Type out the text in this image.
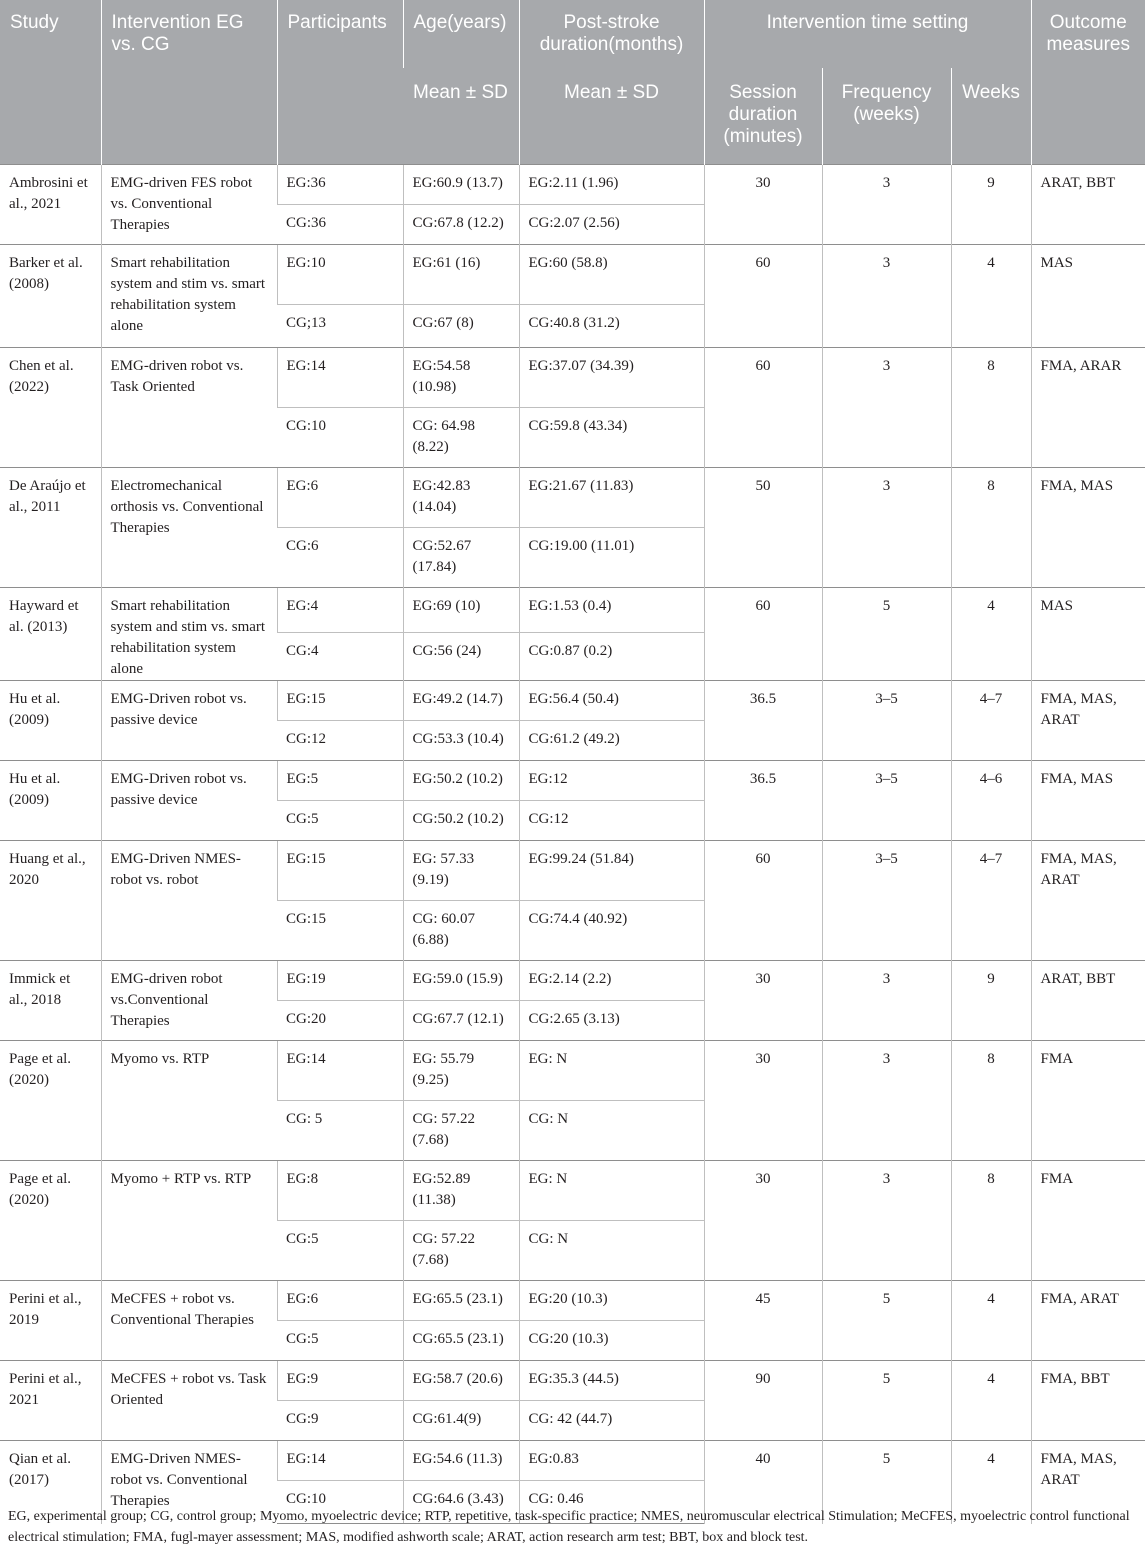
Study	Intervention EG vs. CG	Participants	Age(years)	Post-stroke duration(months)	Intervention time setting			Outcome measures
			Mean ± SD	Mean ± SD	Session duration (minutes)	Frequency (weeks)	Weeks	
Ambrosini et al., 2021	EMG-driven FES robot vs. Conventional Therapies	EG:36	EG:60.9 (13.7)	EG:2.11 (1.96)	30	3	9	ARAT, BBT
		CG:36	CG:67.8 (12.2)	CG:2.07 (2.56)				
Barker et al. (2008)	Smart rehabilitation system and stim vs. smart rehabilitation system alone	EG:10	EG:61 (16)	EG:60 (58.8)	60	3	4	MAS
		CG;13	CG:67 (8)	CG:40.8 (31.2)				
Chen et al. (2022)	EMG-driven robot vs. Task Oriented	EG:14	EG:54.58 (10.98)	EG:37.07 (34.39)	60	3	8	FMA, ARAR
		CG:10	CG: 64.98 (8.22)	CG:59.8 (43.34)				
De Araújo et al., 2011	Electromechanical orthosis vs. Conventional Therapies	EG:6	EG:42.83 (14.04)	EG:21.67 (11.83)	50	3	8	FMA, MAS
		CG:6	CG:52.67 (17.84)	CG:19.00 (11.01)				
Hayward et al. (2013)	Smart rehabilitation system and stim vs. smart rehabilitation system alone	EG:4	EG:69 (10)	EG:1.53 (0.4)	60	5	4	MAS
		CG:4	CG:56 (24)	CG:0.87 (0.2)				
Hu et al. (2009)	EMG-Driven robot vs. passive device	EG:15	EG:49.2 (14.7)	EG:56.4 (50.4)	36.5	3–5	4–7	FMA, MAS, ARAT
		CG:12	CG:53.3 (10.4)	CG:61.2 (49.2)				
Hu et al. (2009)	EMG-Driven robot vs. passive device	EG:5	EG:50.2 (10.2)	EG:12	36.5	3–5	4–6	FMA, MAS
		CG:5	CG:50.2 (10.2)	CG:12				
Huang et al., 2020	EMG-Driven NMES-robot vs. robot	EG:15	EG: 57.33 (9.19)	EG:99.24 (51.84)	60	3–5	4–7	FMA, MAS, ARAT
		CG:15	CG: 60.07 (6.88)	CG:74.4 (40.92)				
Immick et al., 2018	EMG-driven robot vs.Conventional Therapies	EG:19	EG:59.0 (15.9)	EG:2.14 (2.2)	30	3	9	ARAT, BBT
		CG:20	CG:67.7 (12.1)	CG:2.65 (3.13)				
Page et al. (2020)	Myomo vs. RTP	EG:14	EG: 55.79 (9.25)	EG: N	30	3	8	FMA
		CG: 5	CG: 57.22 (7.68)	CG: N				
Page et al. (2020)	Myomo + RTP vs. RTP	EG:8	EG:52.89 (11.38)	EG: N	30	3	8	FMA
		CG:5	CG: 57.22 (7.68)	CG: N				
Perini et al., 2019	MeCFES + robot vs. Conventional Therapies	EG:6	EG:65.5 (23.1)	EG:20 (10.3)	45	5	4	FMA, ARAT
		CG:5	CG:65.5 (23.1)	CG:20 (10.3)				
Perini et al., 2021	MeCFES + robot vs. Task Oriented	EG:9	EG:58.7 (20.6)	EG:35.3 (44.5)	90	5	4	FMA, BBT
		CG:9	CG:61.4(9)	CG: 42 (44.7)				
Qian et al. (2017)	EMG-Driven NMES-robot vs. Conventional Therapies	EG:14	EG:54.6 (11.3)	EG:0.83	40	5	4	FMA, MAS, ARAT
		CG:10	CG:64.6 (3.43)	CG: 0.46				
EG, experimental group; CG, control group; Myomo, myoelectric device; RTP, repetitive, task-specific practice; NMES, neuromuscular electrical Stimulation; MeCFES, myoelectric control functional electrical stimulation; FMA, fugl-mayer assessment; MAS, modified ashworth scale; ARAT, action research arm test; BBT, box and block test.
